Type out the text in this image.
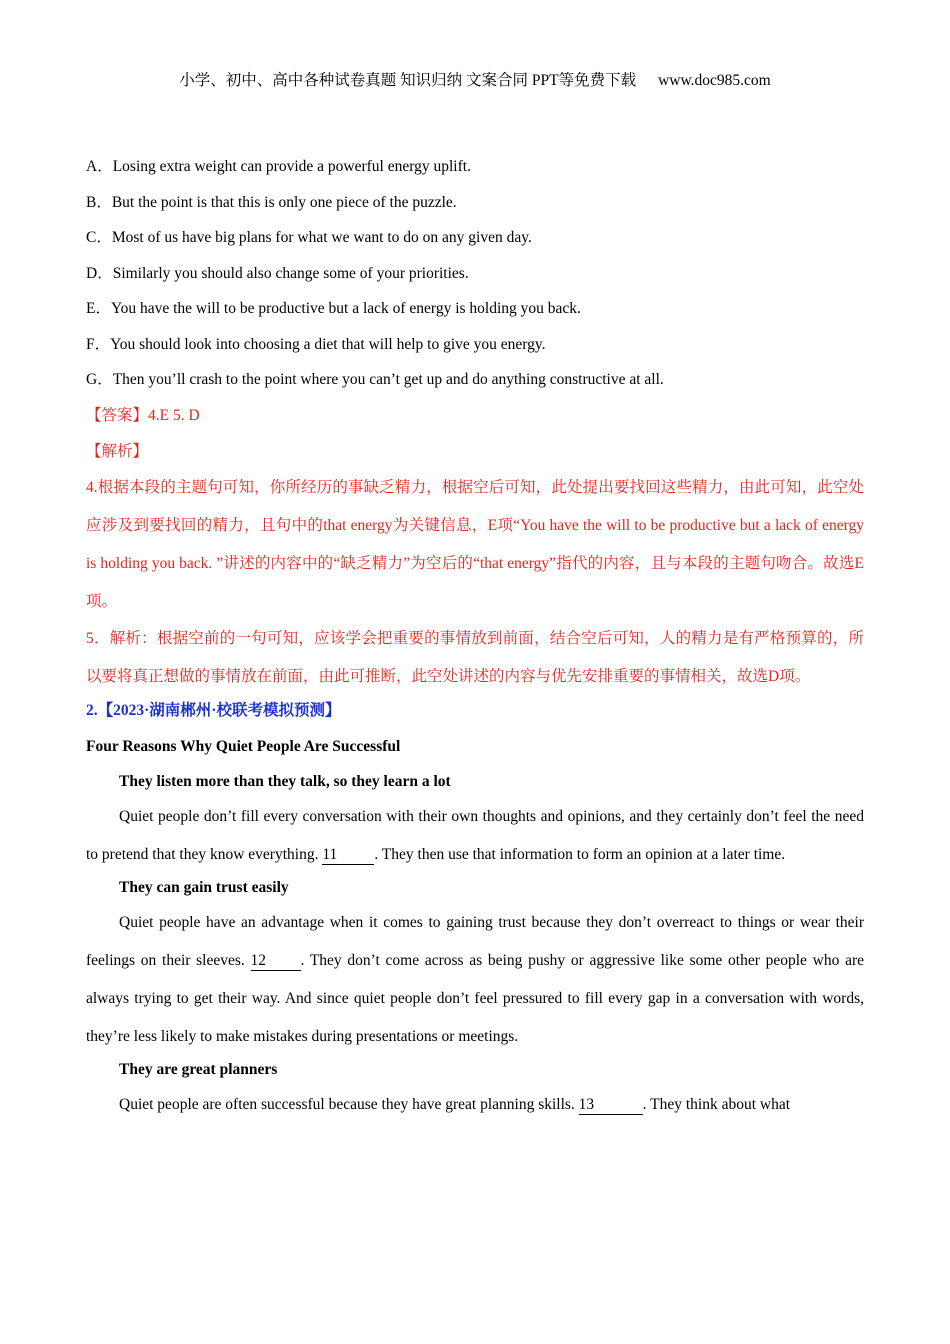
小学、初中、高中各种试卷真题 知识归纳 文案合同 PPT等免费下载 www.doc985.com
A．Losing extra weight can provide a powerful energy uplift.
B．But the point is that this is only one piece of the puzzle.
C．Most of us have big plans for what we want to do on any given day.
D．Similarly you should also change some of your priorities.
E．You have the will to be productive but a lack of energy is holding you back.
F．You should look into choosing a diet that will help to give you energy.
G．Then you’ll crash to the point where you can’t get up and do anything constructive at all.
【答案】4.E 5. D
【解析】
4.根据本段的主题句可知，你所经历的事缺乏精力，根据空后可知，此处提出要找回这些精力，由此可知，此空处应涉及到要找回的精力，且句中的that energy为关键信息，E项“You have the will to be productive but a lack of energy is holding you back. ”讲述的内容中的“缺乏精力”为空后的“that energy”指代的内容，且与本段的主题句吻合。故选E项。
5．解析：根据空前的一句可知，应该学会把重要的事情放到前面，结合空后可知，人的精力是有严格预算的，所以要将真正想做的事情放在前面，由此可推断，此空处讲述的内容与优先安排重要的事情相关，故选D项。
2.【2023·湖南郴州·校联考模拟预测】
Four Reasons Why Quiet People Are Successful
They listen more than they talk, so they learn a lot
Quiet people don’t fill every conversation with their own thoughts and opinions, and they certainly don’t feel the need to pretend that they know everything. 11 . They then use that information to form an opinion at a later time.
They can gain trust easily
Quiet people have an advantage when it comes to gaining trust because they don’t overreact to things or wear their feelings on their sleeves. 12 . They don’t come across as being pushy or aggressive like some other people who are always trying to get their way. And since quiet people don’t feel pressured to fill every gap in a conversation with words, they’re less likely to make mistakes during presentations or meetings.
They are great planners
Quiet people are often successful because they have great planning skills. 13	. They think about what
